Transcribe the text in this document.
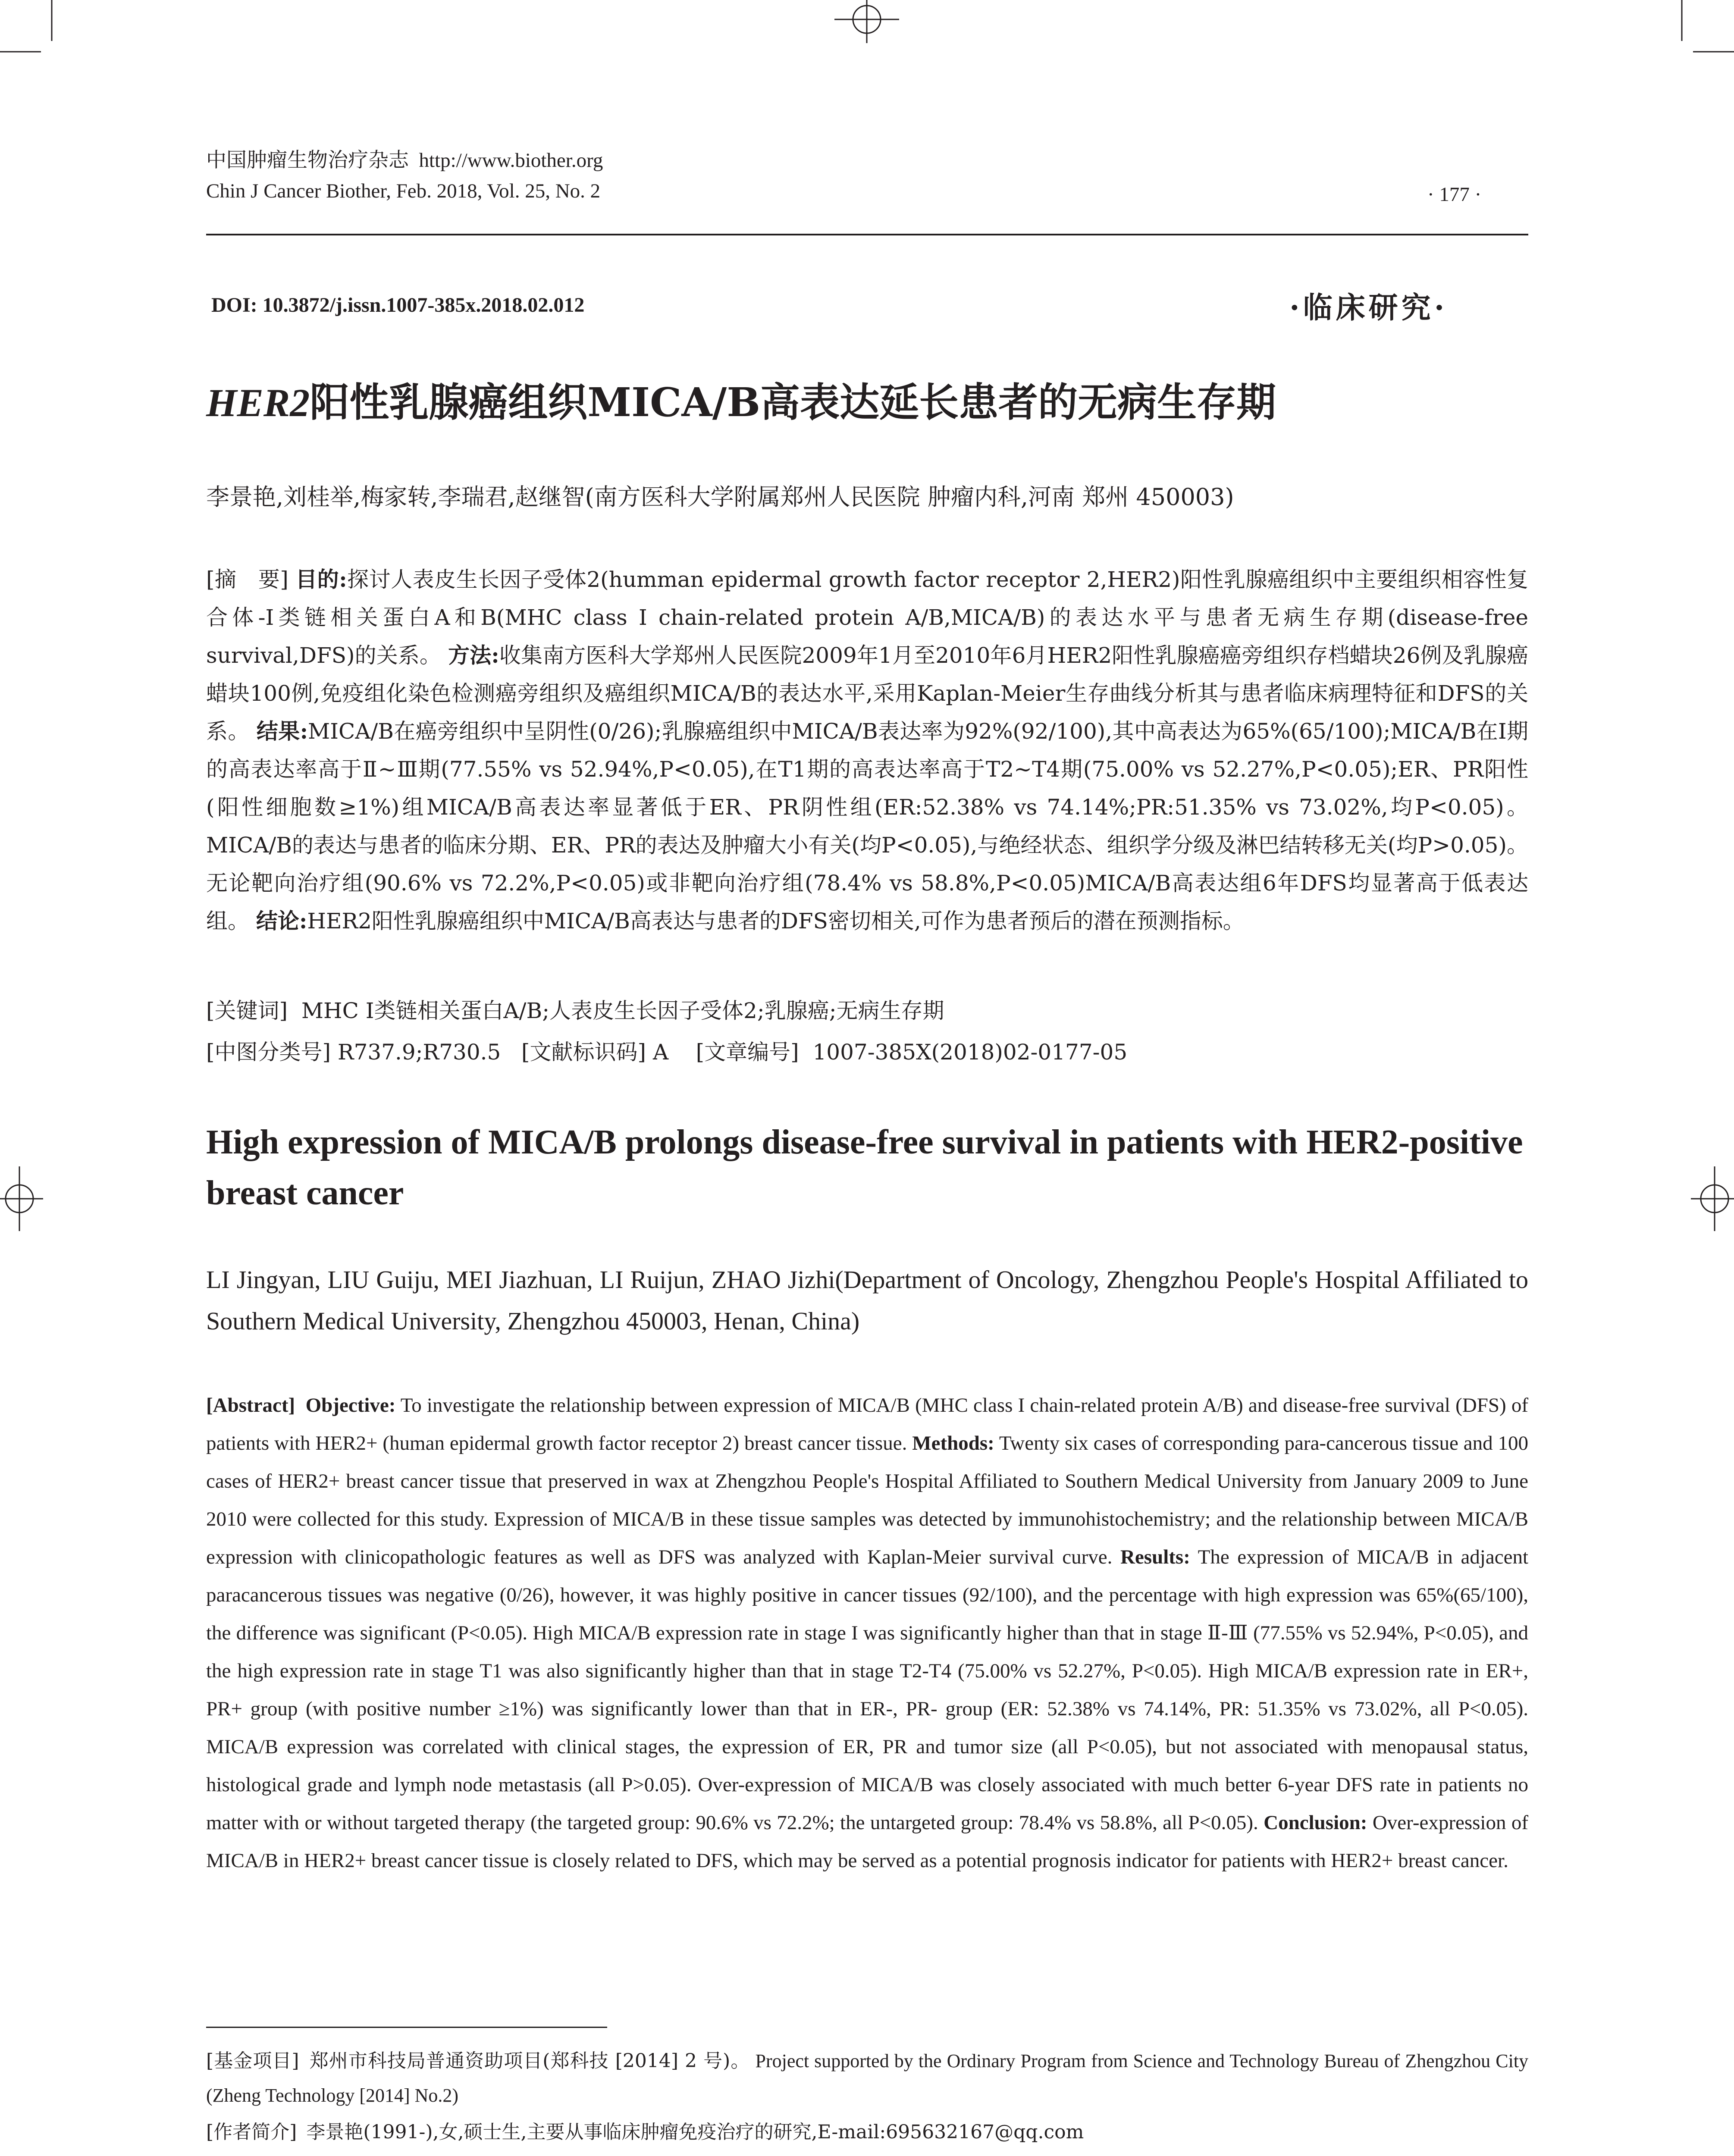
中国肿瘤生物治疗杂志 http://www.biother.org
Chin J Cancer Biother, Feb. 2018, Vol. 25, No. 2	· 177 ·
DOI: 10.3872/j.issn.1007-385x.2018.02.012	·临床研究·
HER2阳性乳腺癌组织MICA/B高表达延长患者的无病生存期
李景艳,刘桂举,梅家转,李瑞君,赵继智(南方医科大学附属郑州人民医院 肿瘤内科,河南 郑州 450003)
[摘　要] 目的:探讨人表皮生长因子受体2(humman epidermal growth factor receptor 2,HER2)阳性乳腺癌组织中主要组织相容性复合体-I类链相关蛋白A和B(MHC class I chain-related protein A/B,MICA/B)的表达水平与患者无病生存期(disease-free survival,DFS)的关系。 方法:收集南方医科大学郑州人民医院2009年1月至2010年6月HER2阳性乳腺癌癌旁组织存档蜡块26例及乳腺癌蜡块100例,免疫组化染色检测癌旁组织及癌组织MICA/B的表达水平,采用Kaplan-Meier生存曲线分析其与患者临床病理特征和DFS的关系。 结果:MICA/B在癌旁组织中呈阴性(0/26);乳腺癌组织中MICA/B表达率为92%(92/100),其中高表达为65%(65/100);MICA/B在Ⅰ期的高表达率高于Ⅱ~Ⅲ期(77.55% vs 52.94%,P<0.05),在T1期的高表达率高于T2~T4期(75.00% vs 52.27%,P<0.05);ER、PR阳性(阳性细胞数≥1%)组MICA/B高表达率显著低于ER、PR阴性组(ER:52.38% vs 74.14%;PR:51.35% vs 73.02%,均P<0.05)。MICA/B的表达与患者的临床分期、ER、PR的表达及肿瘤大小有关(均P<0.05),与绝经状态、组织学分级及淋巴结转移无关(均P>0.05)。无论靶向治疗组(90.6% vs 72.2%,P<0.05)或非靶向治疗组(78.4% vs 58.8%,P<0.05)MICA/B高表达组6年DFS均显著高于低表达组。 结论:HER2阳性乳腺癌组织中MICA/B高表达与患者的DFS密切相关,可作为患者预后的潜在预测指标。
[关键词] MHC I类链相关蛋白A/B;人表皮生长因子受体2;乳腺癌;无病生存期
[中图分类号] R737.9;R730.5 [文献标识码] A [文章编号] 1007-385X(2018)02-0177-05
High expression of MICA/B prolongs disease-free survival in patients with HER2-positive breast cancer
LI Jingyan, LIU Guiju, MEI Jiazhuan, LI Ruijun, ZHAO Jizhi(Department of Oncology, Zhengzhou People's Hospital Affiliated to Southern Medical University, Zhengzhou 450003, Henan, China)
[Abstract] Objective: To investigate the relationship between expression of MICA/B (MHC class I chain-related protein A/B) and disease-free survival (DFS) of patients with HER2+ (human epidermal growth factor receptor 2) breast cancer tissue. Methods: Twenty six cases of corresponding para-cancerous tissue and 100 cases of HER2+ breast cancer tissue that preserved in wax at Zhengzhou People's Hospital Affiliated to Southern Medical University from January 2009 to June 2010 were collected for this study. Expression of MICA/B in these tissue samples was detected by immunohistochemistry; and the relationship between MICA/B expression with clinicopathologic features as well as DFS was analyzed with Kaplan-Meier survival curve. Results: The expression of MICA/B in adjacent paracancerous tissues was negative (0/26), however, it was highly positive in cancer tissues (92/100), and the percentage with high expression was 65%(65/100), the difference was significant (P<0.05). High MICA/B expression rate in stage I was significantly higher than that in stage Ⅱ-Ⅲ (77.55% vs 52.94%, P<0.05), and the high expression rate in stage T1 was also significantly higher than that in stage T2-T4 (75.00% vs 52.27%, P<0.05). High MICA/B expression rate in ER+, PR+ group (with positive number ≥1%) was significantly lower than that in ER-, PR- group (ER: 52.38% vs 74.14%, PR: 51.35% vs 73.02%, all P<0.05). MICA/B expression was correlated with clinical stages, the expression of ER, PR and tumor size (all P<0.05), but not associated with menopausal status, histological grade and lymph node metastasis (all P>0.05). Over-expression of MICA/B was closely associated with much better 6-year DFS rate in patients no matter with or without targeted therapy (the targeted group: 90.6% vs 72.2%; the untargeted group: 78.4% vs 58.8%, all P<0.05). Conclusion: Over-expression of MICA/B in HER2+ breast cancer tissue is closely related to DFS, which may be served as a potential prognosis indicator for patients with HER2+ breast cancer.
[基金项目] 郑州市科技局普通资助项目(郑科技 [2014] 2 号)。 Project supported by the Ordinary Program from Science and Technology Bureau of Zhengzhou City (Zheng Technology [2014] No.2)
[作者简介] 李景艳(1991-),女,硕士生,主要从事临床肿瘤免疫治疗的研究,E-mail:695632167@qq.com
